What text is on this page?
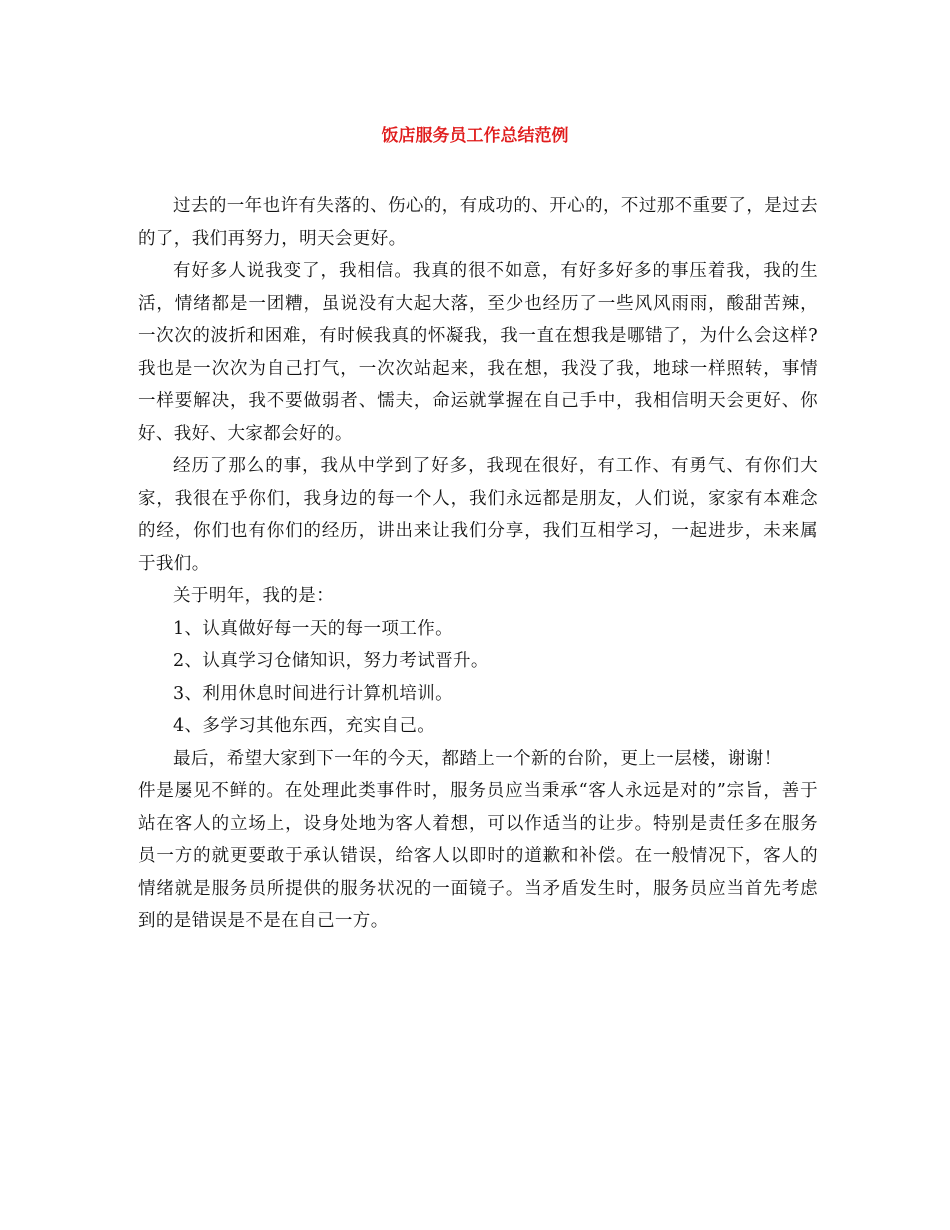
饭店服务员工作总结范例

过去的一年也许有失落的、伤心的，有成功的、开心的，不过那不重要了，是过去的了，我们再努力，明天会更好。

有好多人说我变了，我相信。我真的很不如意，有好多好多的事压着我，我的生活，情绪都是一团糟，虽说没有大起大落，至少也经历了一些风风雨雨，酸甜苦辣，一次次的波折和困难，有时候我真的怀凝我，我一直在想我是哪错了，为什么会这样?我也是一次次为自己打气，一次次站起来，我在想，我没了我，地球一样照转，事情一样要解决，我不要做弱者、懦夫，命运就掌握在自己手中，我相信明天会更好、你好、我好、大家都会好的。

经历了那么的事，我从中学到了好多，我现在很好，有工作、有勇气、有你们大家，我很在乎你们，我身边的每一个人，我们永远都是朋友，人们说，家家有本难念的经，你们也有你们的经历，讲出来让我们分享，我们互相学习，一起进步，未来属于我们。

关于明年，我的是：

1、认真做好每一天的每一项工作。

2、认真学习仓储知识，努力考试晋升。

3、利用休息时间进行计算机培训。

4、多学习其他东西，充实自己。

最后，希望大家到下一年的今天，都踏上一个新的台阶，更上一层楼，谢谢！

件是屡见不鲜的。在处理此类事件时，服务员应当秉承“客人永远是对的”宗旨，善于站在客人的立场上，设身处地为客人着想，可以作适当的让步。特别是责任多在服务员一方的就更要敢于承认错误，给客人以即时的道歉和补偿。在一般情况下，客人的情绪就是服务员所提供的服务状况的一面镜子。当矛盾发生时，服务员应当首先考虑到的是错误是不是在自己一方。
